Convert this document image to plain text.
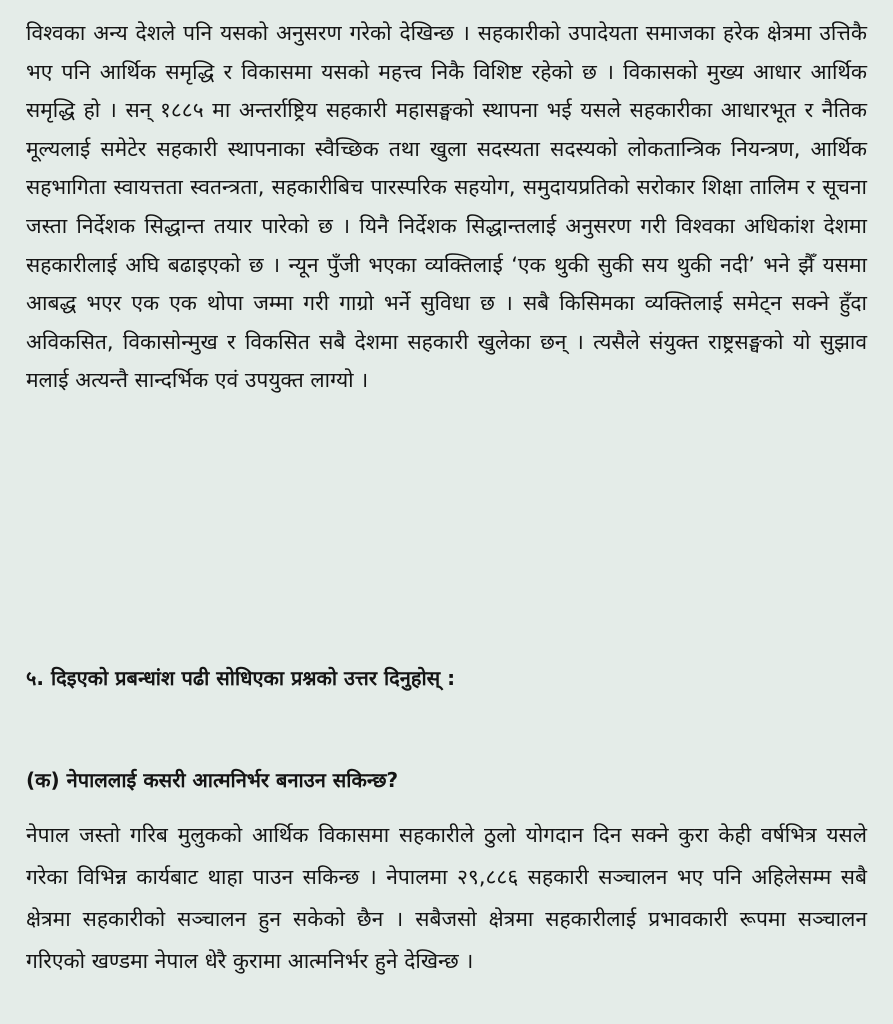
विश्वका अन्य देशले पनि यसको अनुसरण गरेको देखिन्छ । सहकारीको उपादेयता समाजका हरेक क्षेत्रमा उत्तिकै भए पनि आर्थिक समृद्धि र विकासमा यसको महत्त्व निकै विशिष्ट रहेको छ । विकासको मुख्य आधार आर्थिक समृद्धि हो । सन् १८८५ मा अन्तर्राष्ट्रिय सहकारी महासङ्घको स्थापना भई यसले सहकारीका आधारभूत र नैतिक मूल्यलाई समेटेर सहकारी स्थापनाका स्वैच्छिक तथा खुला सदस्यता सदस्यको लोकतान्त्रिक नियन्त्रण, आर्थिक सहभागिता स्वायत्तता स्वतन्त्रता, सहकारीबिच पारस्परिक सहयोग, समुदायप्रतिको सरोकार शिक्षा तालिम र सूचना जस्ता निर्देशक सिद्धान्त तयार पारेको छ । यिनै निर्देशक सिद्धान्तलाई अनुसरण गरी विश्वका अधिकांश देशमा सहकारीलाई अघि बढाइएको छ । न्यून पुँजी भएका व्यक्तिलाई ‘एक थुकी सुकी सय थुकी नदी’ भने झैँ यसमा आबद्ध भएर एक एक थोपा जम्मा गरी गाग्रो भर्ने सुविधा छ । सबै किसिमका व्यक्तिलाई समेट्न सक्ने हुँदा अविकसित, विकासोन्मुख र विकसित सबै देशमा सहकारी खुलेका छन् । त्यसैले संयुक्त राष्ट्रसङ्घको यो सुझाव मलाई अत्यन्तै सान्दर्भिक एवं उपयुक्त लाग्यो ।

५. दिइएको प्रबन्धांश पढी सोधिएका प्रश्नको उत्तर दिनुहोस् :

(क) नेपाललाई कसरी आत्मनिर्भर बनाउन सकिन्छ?

नेपाल जस्तो गरिब मुलुकको आर्थिक विकासमा सहकारीले ठुलो योगदान दिन सक्ने कुरा केही वर्षभित्र यसले गरेका विभिन्न कार्यबाट थाहा पाउन सकिन्छ । नेपालमा २९,८८६ सहकारी सञ्चालन भए पनि अहिलेसम्म सबै क्षेत्रमा सहकारीको सञ्चालन हुन सकेको छैन । सबैजसो क्षेत्रमा सहकारीलाई प्रभावकारी रूपमा सञ्चालन गरिएको खण्डमा नेपाल धेरै कुरामा आत्मनिर्भर हुने देखिन्छ ।
